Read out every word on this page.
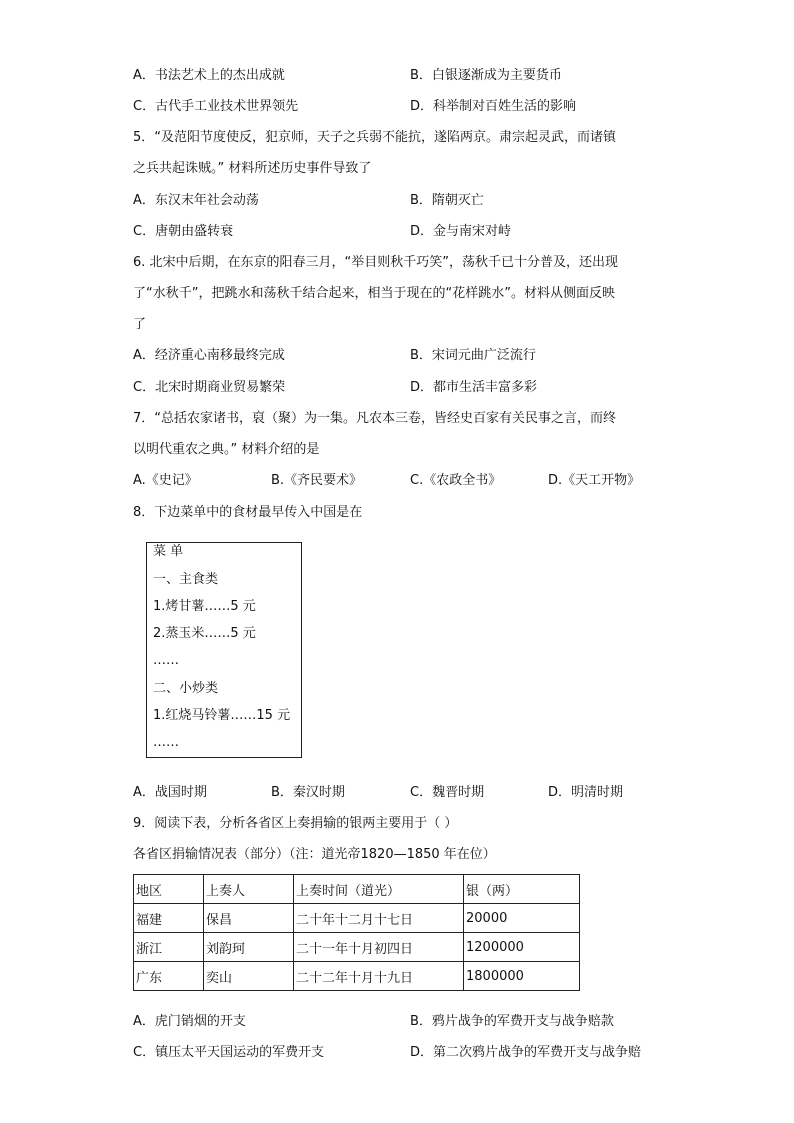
A．书法艺术上的杰出成就	B．白银逐渐成为主要货币
C．古代手工业技术世界领先	D．科举制对百姓生活的影响
5．“及范阳节度使反，犯京师，天子之兵弱不能抗，遂陷两京。肃宗起灵武，而诸镇
之兵共起诛贼。” 材料所述历史事件导致了
A．东汉末年社会动荡	B．隋朝灭亡
C．唐朝由盛转衰	D．金与南宋对峙
6. 北宋中后期，在东京的阳春三月，“举目则秋千巧笑”，荡秋千已十分普及，还出现
了“水秋千”，把跳水和荡秋千结合起来，相当于现在的“花样跳水”。材料从侧面反映
了
A．经济重心南移最终完成	B．宋词元曲广泛流行
C．北宋时期商业贸易繁荣	D．都市生活丰富多彩
7．“总括农家诸书，裒（聚）为一集。凡农本三卷，皆经史百家有关民事之言，而终
以明代重农之典。” 材料介绍的是
A.《史记》	B.《齐民要术》	C.《农政全书》	D.《天工开物》
8．下边菜单中的食材最早传入中国是在
菜 单
一、主食类
1.烤甘薯……5 元
2.蒸玉米……5 元
……
二、小炒类
1.红烧马铃薯……15 元
……
A．战国时期	B．秦汉时期	C．魏晋时期	D．明清时期
9．阅读下表，分析各省区上奏捐输的银两主要用于（ ）
各省区捐输情况表（部分）（注：道光帝1820—1850 年在位）
地区	上奏人	上奏时间（道光）	银（两）
福建	保昌	二十年十二月十七日	20000
浙江	刘韵珂	二十一年十月初四日	1200000
广东	奕山	二十二年十月十九日	1800000
A．虎门销烟的开支	B．鸦片战争的军费开支与战争赔款
C．镇压太平天国运动的军费开支	D．第二次鸦片战争的军费开支与战争赔
